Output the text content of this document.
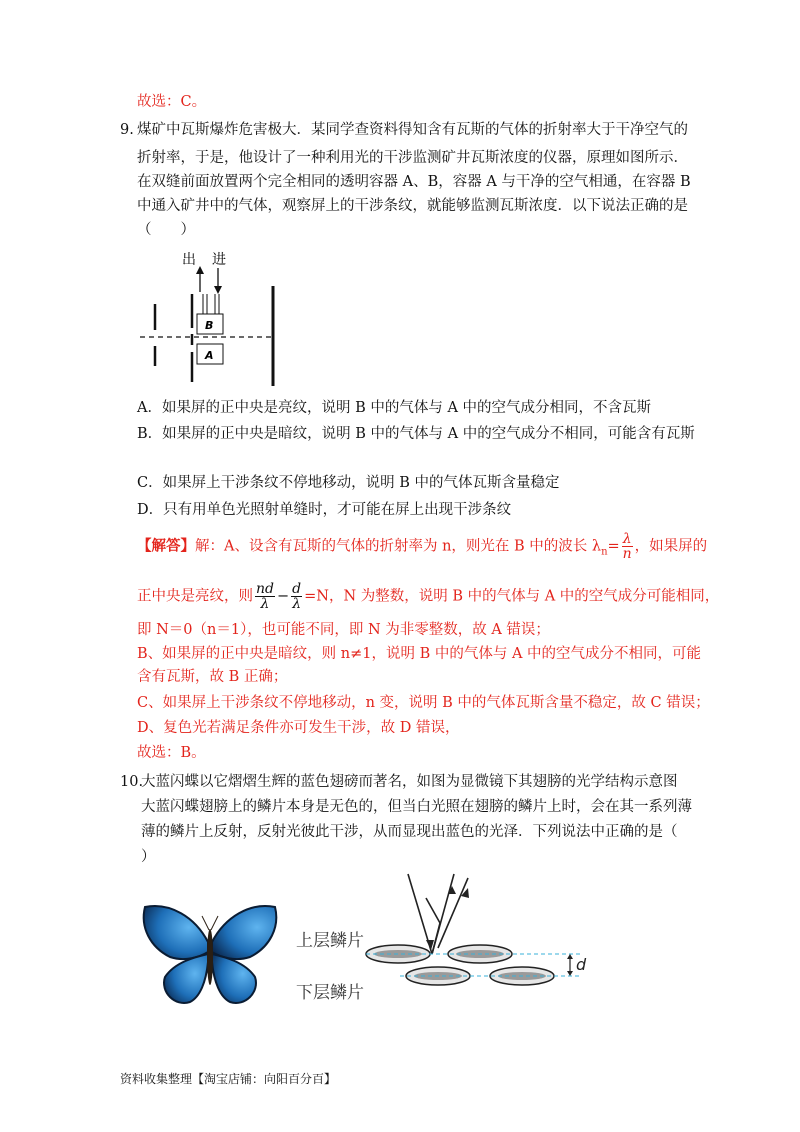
故选：C。
9. 煤矿中瓦斯爆炸危害极大．某同学查资料得知含有瓦斯的气体的折射率大于干净空气的
折射率，于是，他设计了一种利用光的干涉监测矿井瓦斯浓度的仪器，原理如图所示．
在双缝前面放置两个完全相同的透明容器 A、B，容器 A 与干净的空气相通，在容器 B
中通入矿井中的气体，观察屏上的干涉条纹，就能够监测瓦斯浓度．以下说法正确的是
（　　）
出 进
B
A
A．如果屏的正中央是亮纹，说明 B 中的气体与 A 中的空气成分相同，不含瓦斯
B．如果屏的正中央是暗纹，说明 B 中的气体与 A 中的空气成分不相同，可能含有瓦斯
C．如果屏上干涉条纹不停地移动，说明 B 中的气体瓦斯含量稳定
D．只有用单色光照射单缝时，才可能在屏上出现干涉条纹
【解答】解：A、设含有瓦斯的气体的折射率为 n，则光在 B 中的波长 $\lambda_n= \frac{\lambda}{n}$ ，如果屏的
正中央是亮纹，则 $\frac{nd}{\lambda} - \frac{d}{\lambda} =N$，N 为整数，说明 B 中的气体与 A 中的空气成分可能相同，
即 N＝0（n＝1），也可能不同，即 N 为非零整数，故 A 错误；
B、如果屏的正中央是暗纹，则 n≠1，说明 B 中的气体与 A 中的空气成分不相同，可能
含有瓦斯，故 B 正确；
C、如果屏上干涉条纹不停地移动，n 变，说明 B 中的气体瓦斯含量不稳定，故 C 错误；
D、复色光若满足条件亦可发生干涉，故 D 错误，
故选：B。
10.
大蓝闪蝶以它熠熠生辉的蓝色翅磅而著名，如图为显微镜下其翅膀的光学结构示意图
大蓝闪蝶翅膀上的鳞片本身是无色的，但当白光照在翅膀的鳞片上时，会在其一系列薄
薄的鳞片上反射，反射光彼此干涉，从而显现出蓝色的光泽．下列说法中正确的是（
）
d
上层鳞片
下层鳞片
资料收集整理【淘宝店铺：向阳百分百】
